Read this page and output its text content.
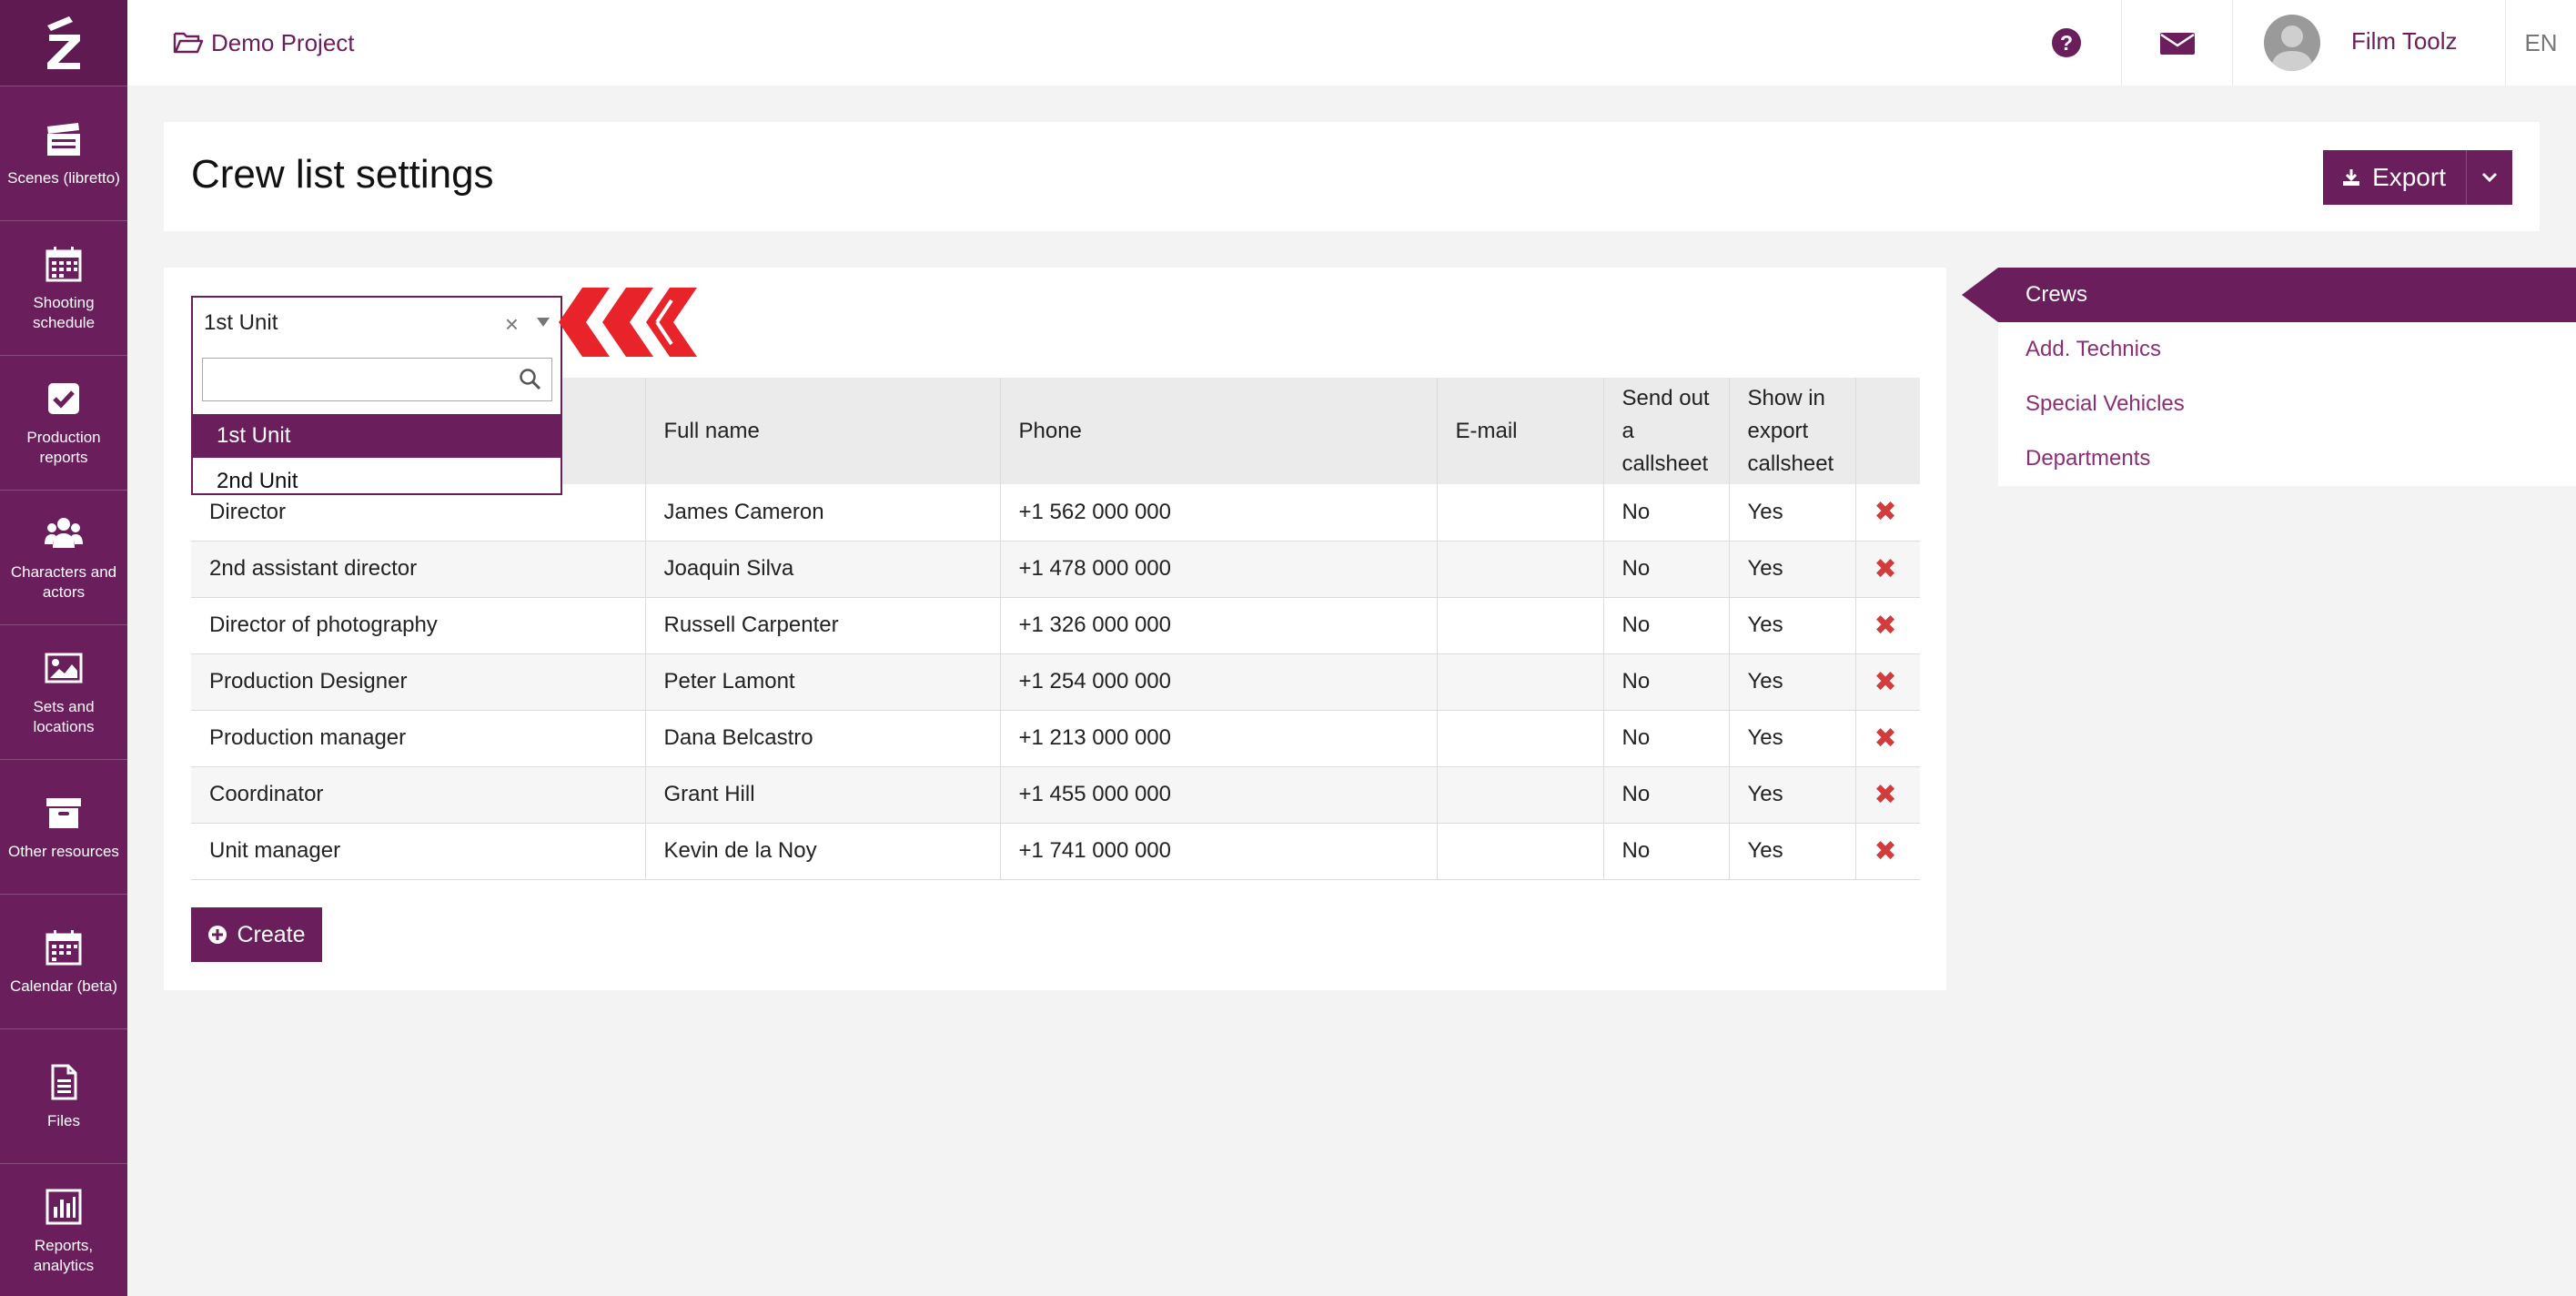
Scenes (libretto)
Shooting schedule
Production reports
Characters and actors
Sets and locations
Other resources
Calendar (beta)
Files
Reports, analytics
Demo Project	?	Film Toolz	EN
Crew list settings	Export
	Full name	Phone	E-mail	Send out a callsheet	Show in export callsheet	
Director	James Cameron	+1 562 000 000		No	Yes	✖
2nd assistant director	Joaquin Silva	+1 478 000 000		No	Yes	✖
Director of photography	Russell Carpenter	+1 326 000 000		No	Yes	✖
Production Designer	Peter Lamont	+1 254 000 000		No	Yes	✖
Production manager	Dana Belcastro	+1 213 000 000		No	Yes	✖
Coordinator	Grant Hill	+1 455 000 000		No	Yes	✖
Unit manager	Kevin de la Noy	+1 741 000 000		No	Yes	✖
1st Unit	×
1st Unit
2nd Unit
Create
Crews
Add. Technics
Special Vehicles
Departments
